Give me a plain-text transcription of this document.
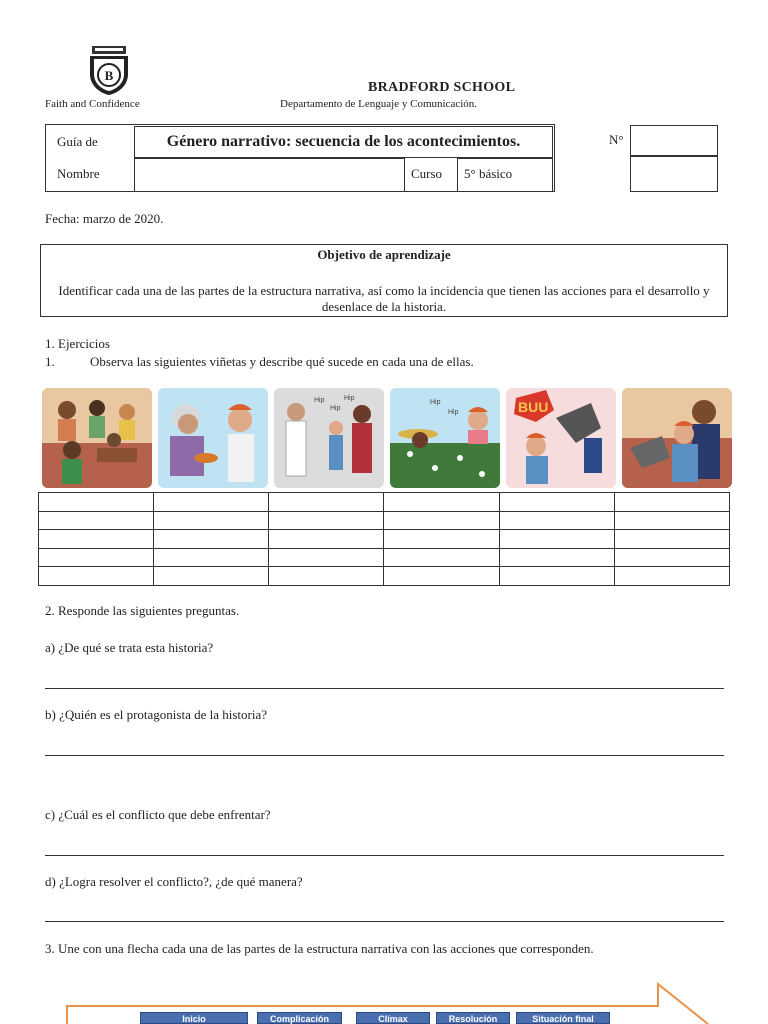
B
Faith and Confidence
BRADFORD SCHOOL
Departamento de Lenguaje y Comunicación.
Guía de	Género narrativo: secuencia de los acontecimientos.
Nombre	Curso 5° básico
N°
Fecha: marzo de 2020.
Objetivo de aprendizaje
Identificar cada una de las partes de la estructura narrativa, así como la incidencia que tienen las acciones para el desarrollo y desenlace de la historia.
1. Ejercicios
1.	Observa las siguientes viñetas y describe qué sucede en cada una de ellas.
Hip
Hip
Hip
Hip
Hip	BUU

2. Responde las siguientes preguntas.
a) ¿De qué se trata esta historia?
b) ¿Quién es el protagonista de la historia?
c) ¿Cuál es el conflicto que debe enfrentar?
d) ¿Logra resolver el conflicto?, ¿de qué manera?
3. Une con una flecha cada una de las partes de la estructura narrativa con las acciones que corresponden.
Inicio	Complicación	Clímax	Resolución	Situación final
